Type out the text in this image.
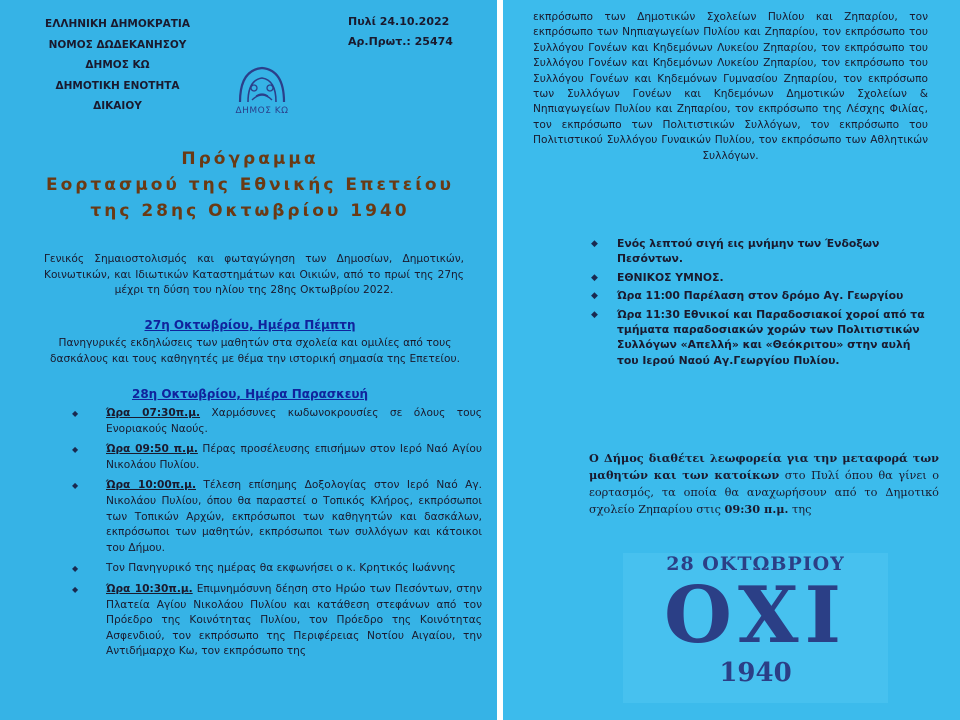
ΕΛΛΗΝΙΚΗ ΔΗΜΟΚΡΑΤΙΑ
ΝΟΜΟΣ ΔΩΔΕΚΑΝΗΣΟΥ
ΔΗΜΟΣ ΚΩ
ΔΗΜΟΤΙΚΗ ΕΝΟΤΗΤΑ
ΔΙΚΑΙΟΥ
Πυλί 24.10.2022
Αρ.Πρωτ.: 25474
ΔΗΜΟΣ ΚΩ
Πρόγραμμα
Εορτασμού της Εθνικής Επετείου
της 28ης Οκτωβρίου 1940
Γενικός Σημαιοστολισμός και φωταγώγηση των Δημοσίων, Δημοτικών, Κοινωτικών, και Ιδιωτικών Καταστημάτων και Οικιών, από το πρωί της 27ης μέχρι τη δύση του ηλίου της 28ης Οκτωβρίου 2022.
27η Οκτωβρίου, Ημέρα Πέμπτη
Πανηγυρικές εκδηλώσεις των μαθητών στα σχολεία και ομιλίες από τους δασκάλους και τους καθηγητές με θέμα την ιστορική σημασία της Επετείου.
28η Οκτωβρίου, Ημέρα Παρασκευή
◆	Ώρα 07:30π.μ. Χαρμόσυνες κωδωνοκρουσίες σε όλους τους Ενοριακούς Ναούς.
◆	Ώρα 09:50 π.μ. Πέρας προσέλευσης επισήμων στον Ιερό Ναό Αγίου Νικολάου Πυλίου.
◆	Ώρα 10:00π.μ. Τέλεση επίσημης Δοξολογίας στον Ιερό Ναό Αγ. Νικολάου Πυλίου, όπου θα παραστεί ο Τοπικός Κλήρος, εκπρόσωποι των Τοπικών Αρχών, εκπρόσωποι των καθηγητών και δασκάλων, εκπρόσωποι των μαθητών, εκπρόσωποι των συλλόγων και κάτοικοι του Δήμου.
◆	Τον Πανηγυρικό της ημέρας θα εκφωνήσει ο κ. Κρητικός Ιωάννης
◆	Ώρα 10:30π.μ. Επιμνημόσυνη δέηση στο Ηρώο των Πεσόντων, στην Πλατεία Αγίου Νικολάου Πυλίου και κατάθεση στεφάνων από τον Πρόεδρο της Κοινότητας Πυλίου, τον Πρόεδρο της Κοινότητας Ασφενδιού, τον εκπρόσωπο της Περιφέρειας Νοτίου Αιγαίου, την Αντιδήμαρχο Κω, τον εκπρόσωπο της
εκπρόσωπο των Δημοτικών Σχολείων Πυλίου και Ζηπαρίου, τον εκπρόσωπο των Νηπιαγωγείων Πυλίου και Ζηπαρίου, τον εκπρόσωπο του Συλλόγου Γονέων και Κηδεμόνων Λυκείου Ζηπαρίου, τον εκπρόσωπο του Συλλόγου Γονέων και Κηδεμόνων Λυκείου Ζηπαρίου, τον εκπρόσωπο του Συλλόγου Γονέων και Κηδεμόνων Γυμνασίου Ζηπαρίου, τον εκπρόσωπο των Συλλόγων Γονέων και Κηδεμόνων Δημοτικών Σχολείων & Νηπιαγωγείων Πυλίου και Ζηπαρίου, τον εκπρόσωπο της Λέσχης Φιλίας, τον εκπρόσωπο των Πολιτιστικών Συλλόγων, τον εκπρόσωπο του Πολιτιστικού Συλλόγου Γυναικών Πυλίου, τον εκπρόσωπο των Αθλητικών Συλλόγων.
◆ Ενός λεπτού σιγή εις μνήμην των Ένδοξων Πεσόντων.
◆ ΕΘΝΙΚΟΣ ΥΜΝΟΣ.
◆ Ώρα 11:00 Παρέλαση στον δρόμο Αγ. Γεωργίου
◆ Ώρα 11:30 Εθνικοί και Παραδοσιακοί χοροί από τα τμήματα παραδοσιακών χορών των Πολιτιστικών Συλλόγων «Απελλή» και «Θεόκριτου» στην αυλή του Ιερού Ναού Αγ.Γεωργίου Πυλίου.
Ο Δήμος διαθέτει λεωφορεία για την μεταφορά των μαθητών και των κατοίκων στο Πυλί όπου θα γίνει ο εορτασμός, τα οποία θα αναχωρήσουν από το Δημοτικό σχολείο Ζηπαρίου στις 09:30 π.μ. της
28 ΟΚΤΩΒΡΙΟΥ
ΟΧΙ
1940
